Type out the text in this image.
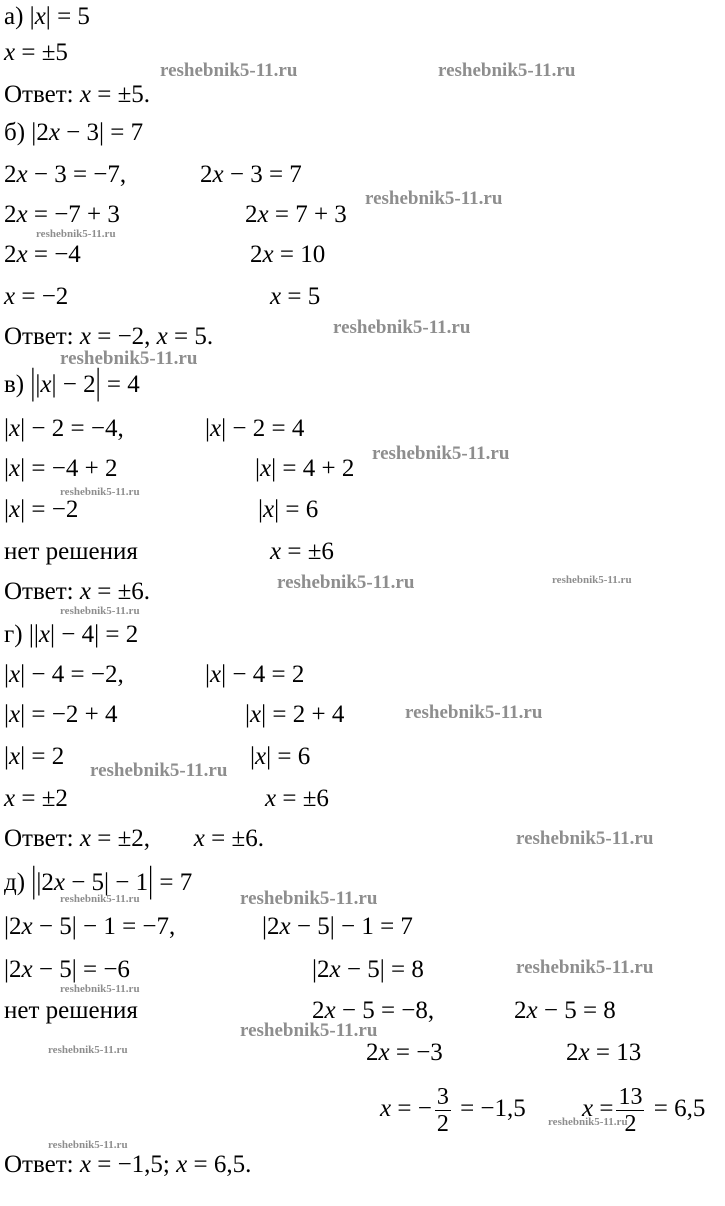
а) |x| = 5
x = ±5
Ответ: x = ±5.
б) |2x − 3| = 7
2x − 3 = −7,	2x − 3 = 7
2x = −7 + 3	2x = 7 + 3
2x = −4	2x = 10
x = −2	x = 5
Ответ: x = −2, x = 5.
в) ||x| − 2| = 4
|x| − 2 = −4,	|x| − 2 = 4
|x| = −4 + 2	|x| = 4 + 2
|x| = −2	|x| = 6
нет решения	x = ±6
Ответ: x = ±6.
г) ||x| − 4| = 2
|x| − 4 = −2,	|x| − 4 = 2
|x| = −2 + 4	|x| = 2 + 4
|x| = 2	|x| = 6
x = ±2	x = ±6
Ответ: x = ±2, x = ±6.
д) ||2x − 5| − 1| = 7
|2x − 5| − 1 = −7,	|2x − 5| − 1 = 7
|2x − 5| = −6	|2x − 5| = 8
нет решения	2x − 5 = −8,	2x − 5 = 8
2x = −3	2x = 13
x = − $\frac{3}{2} = -1,5$ $x = \frac{13}{2} = 6,5$
Ответ: x = −1,5; x = 6,5.
reshebnik5-11.ru	reshebnik5-11.ru
reshebnik5-11.ru
reshebnik5-11.ru
reshebnik5-11.ru
reshebnik5-11.ru
reshebnik5-11.ru
reshebnik5-11.ru
reshebnik5-11.ru	reshebnik5-11.ru
reshebnik5-11.ru
reshebnik5-11.ru
reshebnik5-11.ru
reshebnik5-11.ru
reshebnik5-11.ru	reshebnik5-11.ru
reshebnik5-11.ru
reshebnik5-11.ru
reshebnik5-11.ru
reshebnik5-11.ru
reshebnik5-11.ru
reshebnik5-11.ru
